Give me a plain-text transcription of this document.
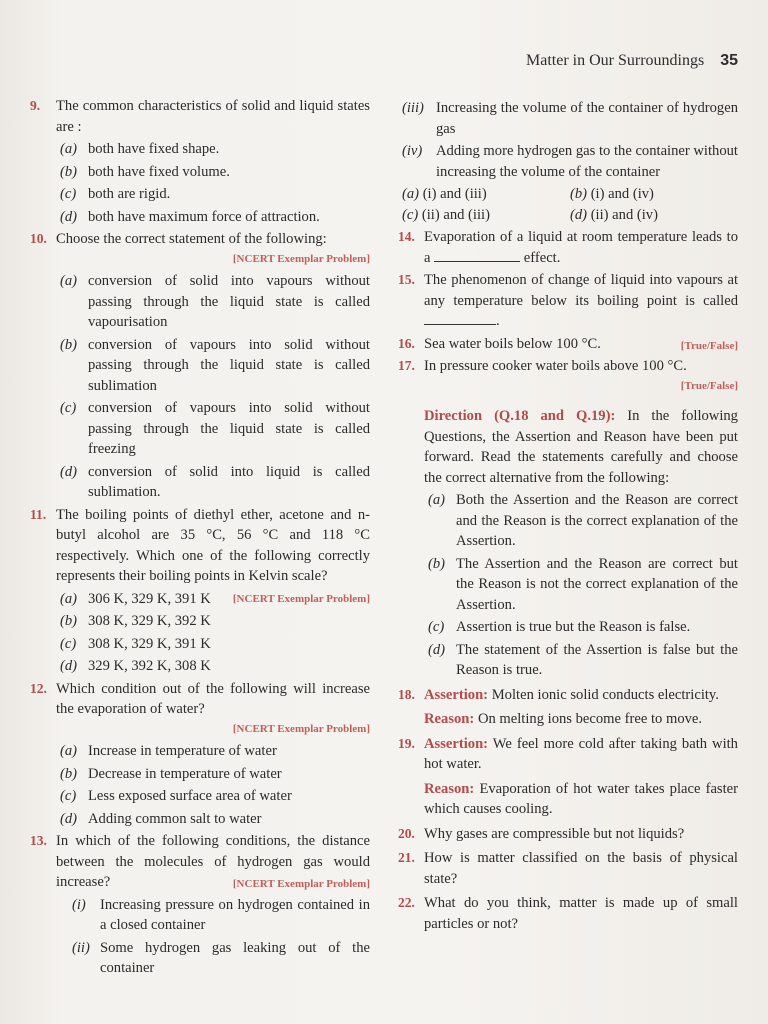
Matter in Our Surroundings 35
9. The common characteristics of solid and liquid states are :
(a) both have fixed shape.
(b) both have fixed volume.
(c) both are rigid.
(d) both have maximum force of attraction.
10. Choose the correct statement of the following:
[NCERT Exemplar Problem]
(a) conversion of solid into vapours without passing through the liquid state is called vapourisation
(b) conversion of vapours into solid without passing through the liquid state is called sublimation
(c) conversion of vapours into solid without passing through the liquid state is called freezing
(d) conversion of solid into liquid is called sublimation.
11. The boiling points of diethyl ether, acetone and n-butyl alcohol are 35 °C, 56 °C and 118 °C respectively. Which one of the following correctly represents their boiling points in Kelvin scale?
[NCERT Exemplar Problem]
(a) 306 K, 329 K, 391 K
(b) 308 K, 329 K, 392 K
(c) 308 K, 329 K, 391 K
(d) 329 K, 392 K, 308 K
12. Which condition out of the following will increase the evaporation of water?
[NCERT Exemplar Problem]
(a) Increase in temperature of water
(b) Decrease in temperature of water
(c) Less exposed surface area of water
(d) Adding common salt to water
13. In which of the following conditions, the distance between the molecules of hydrogen gas would increase?	[NCERT Exemplar Problem]
(i) Increasing pressure on hydrogen contained in a closed container
(ii) Some hydrogen gas leaking out of the container
(iii) Increasing the volume of the container of hydrogen gas
(iv) Adding more hydrogen gas to the container without increasing the volume of the container
(a) (i) and (iii)	(b) (i) and (iv)
(c) (ii) and (iii)	(d) (ii) and (iv)
14. Evaporation of a liquid at room temperature leads to a	effect.
15. The phenomenon of change of liquid into vapours at any temperature below its boiling point is called .
16. Sea water boils below 100 °C.	[True/False]
17. In pressure cooker water boils above 100 °C.
[True/False]
Direction (Q.18 and Q.19): In the following Questions, the Assertion and Reason have been put forward. Read the statements carefully and choose the correct alternative from the following:
(a) Both the Assertion and the Reason are correct and the Reason is the correct explanation of the Assertion.
(b) The Assertion and the Reason are correct but the Reason is not the correct explanation of the Assertion.
(c) Assertion is true but the Reason is false.
(d) The statement of the Assertion is false but the Reason is true.
18. Assertion: Molten ionic solid conducts electricity.
Reason: On melting ions become free to move.
19. Assertion: We feel more cold after taking bath with hot water.
Reason: Evaporation of hot water takes place faster which causes cooling.
20. Why gases are compressible but not liquids?
21. How is matter classified on the basis of physical state?
22. What do you think, matter is made up of small particles or not?
